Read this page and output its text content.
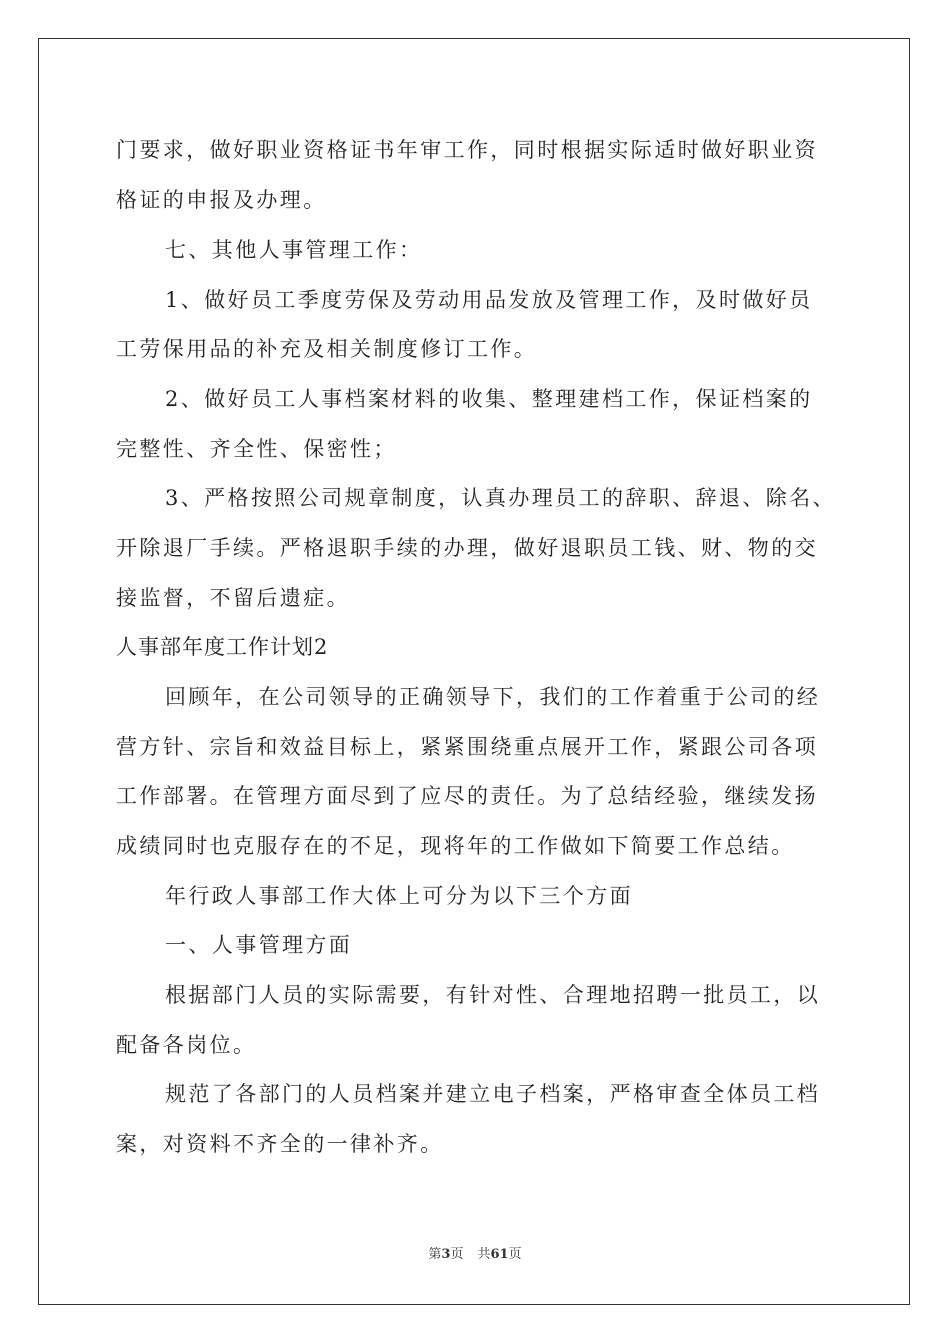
门要求，做好职业资格证书年审工作，同时根据实际适时做好职业资
格证的申报及办理。
七、其他人事管理工作：
1、做好员工季度劳保及劳动用品发放及管理工作，及时做好员
工劳保用品的补充及相关制度修订工作。
2、做好员工人事档案材料的收集、整理建档工作，保证档案的
完整性、齐全性、保密性；
3、严格按照公司规章制度，认真办理员工的辞职、辞退、除名、
开除退厂手续。严格退职手续的办理，做好退职员工钱、财、物的交
接监督，不留后遗症。
人事部年度工作计划2
回顾年，在公司领导的正确领导下，我们的工作着重于公司的经
营方针、宗旨和效益目标上，紧紧围绕重点展开工作，紧跟公司各项
工作部署。在管理方面尽到了应尽的责任。为了总结经验，继续发扬
成绩同时也克服存在的不足，现将年的工作做如下简要工作总结。
年行政人事部工作大体上可分为以下三个方面
一、人事管理方面
根据部门人员的实际需要，有针对性、合理地招聘一批员工，以
配备各岗位。
规范了各部门的人员档案并建立电子档案，严格审查全体员工档
案，对资料不齐全的一律补齐。
第3页 共61页
